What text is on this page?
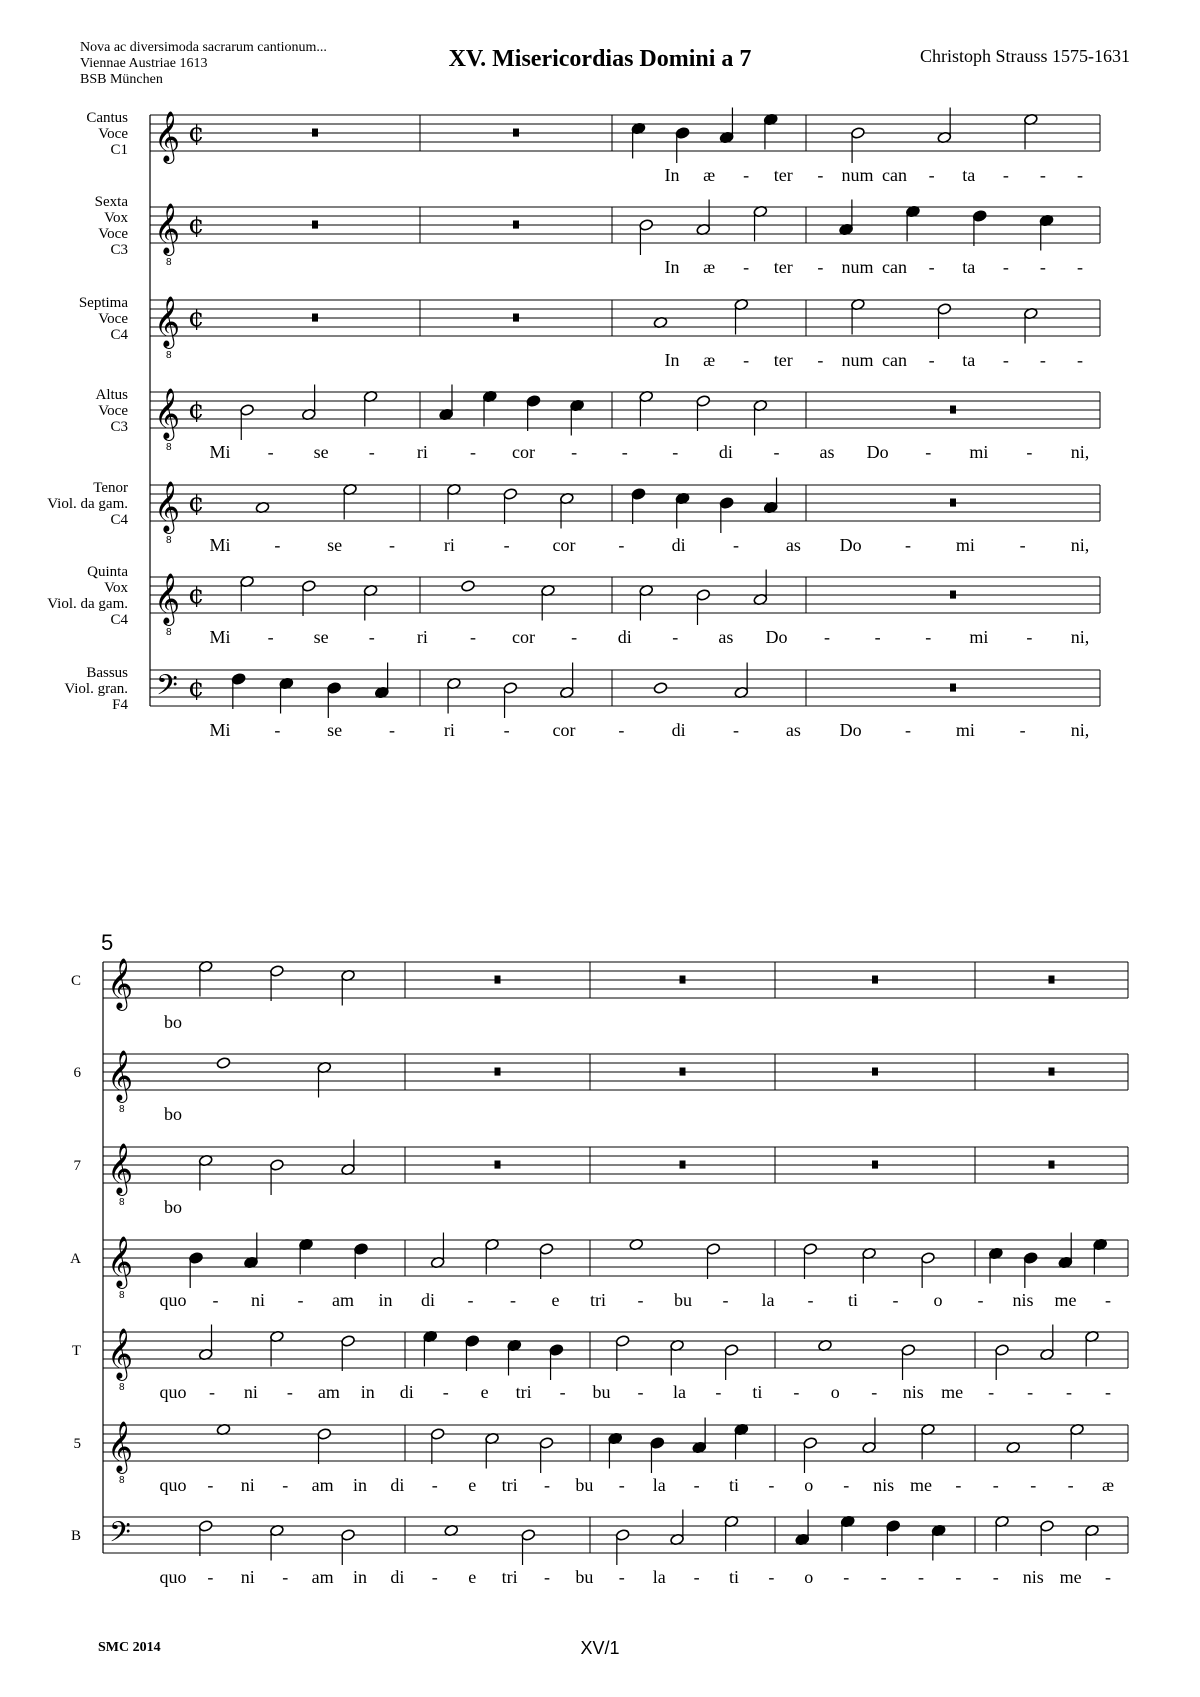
Nova ac diversimoda sacrarum cantionum...
Viennae Austriae 1613
BSB München
XV. Misericordias Domini a 7	Christoph Strauss 1575-1631
𝄞 ¢
Cantus
Voce
C1
In æ - ter - num can - ta - - -
𝄞
8
¢
Sexta
Vox
Voce
C3
In æ - ter - num can - ta - - -
𝄞
8
¢
Septima
Voce
C4
In æ - ter - num can - ta - - -
𝄞
8
¢
Altus
Voce
C3
Mi - se - ri - cor - - - di - as Do - mi - ni,
𝄞
8
¢
Tenor
Viol. da gam.
C4
Mi -	se	-	ri	- cor -	di	-	as Do - mi -	ni,
𝄞
8
¢
Quinta
Vox
Viol. da gam.
C4
Mi - se - ri - cor - di - as Do - - - mi - ni,
𝄢 ¢
Bassus
Viol. gran.
F4
Mi -	se	-	ri	- cor -	di	-	as Do - mi -	ni,
5
𝄞
C
bo
𝄞
8
6
bo
𝄞
8
7
bo
𝄞
8
A
quo - ni - am in di - - e tri - bu - la - ti - o - nis me -
𝄞
8
T
quo - ni - am in di - e tri - bu - la - ti - o - nis me - - - -
𝄞
8
5
quo - ni - am in di - e tri - bu - la - ti - o - nis me - - - - æ
𝄢
B
quo - ni - am in di - e tri - bu - la - ti - o - - - - - nis me -
SMC 2014	XV/1
